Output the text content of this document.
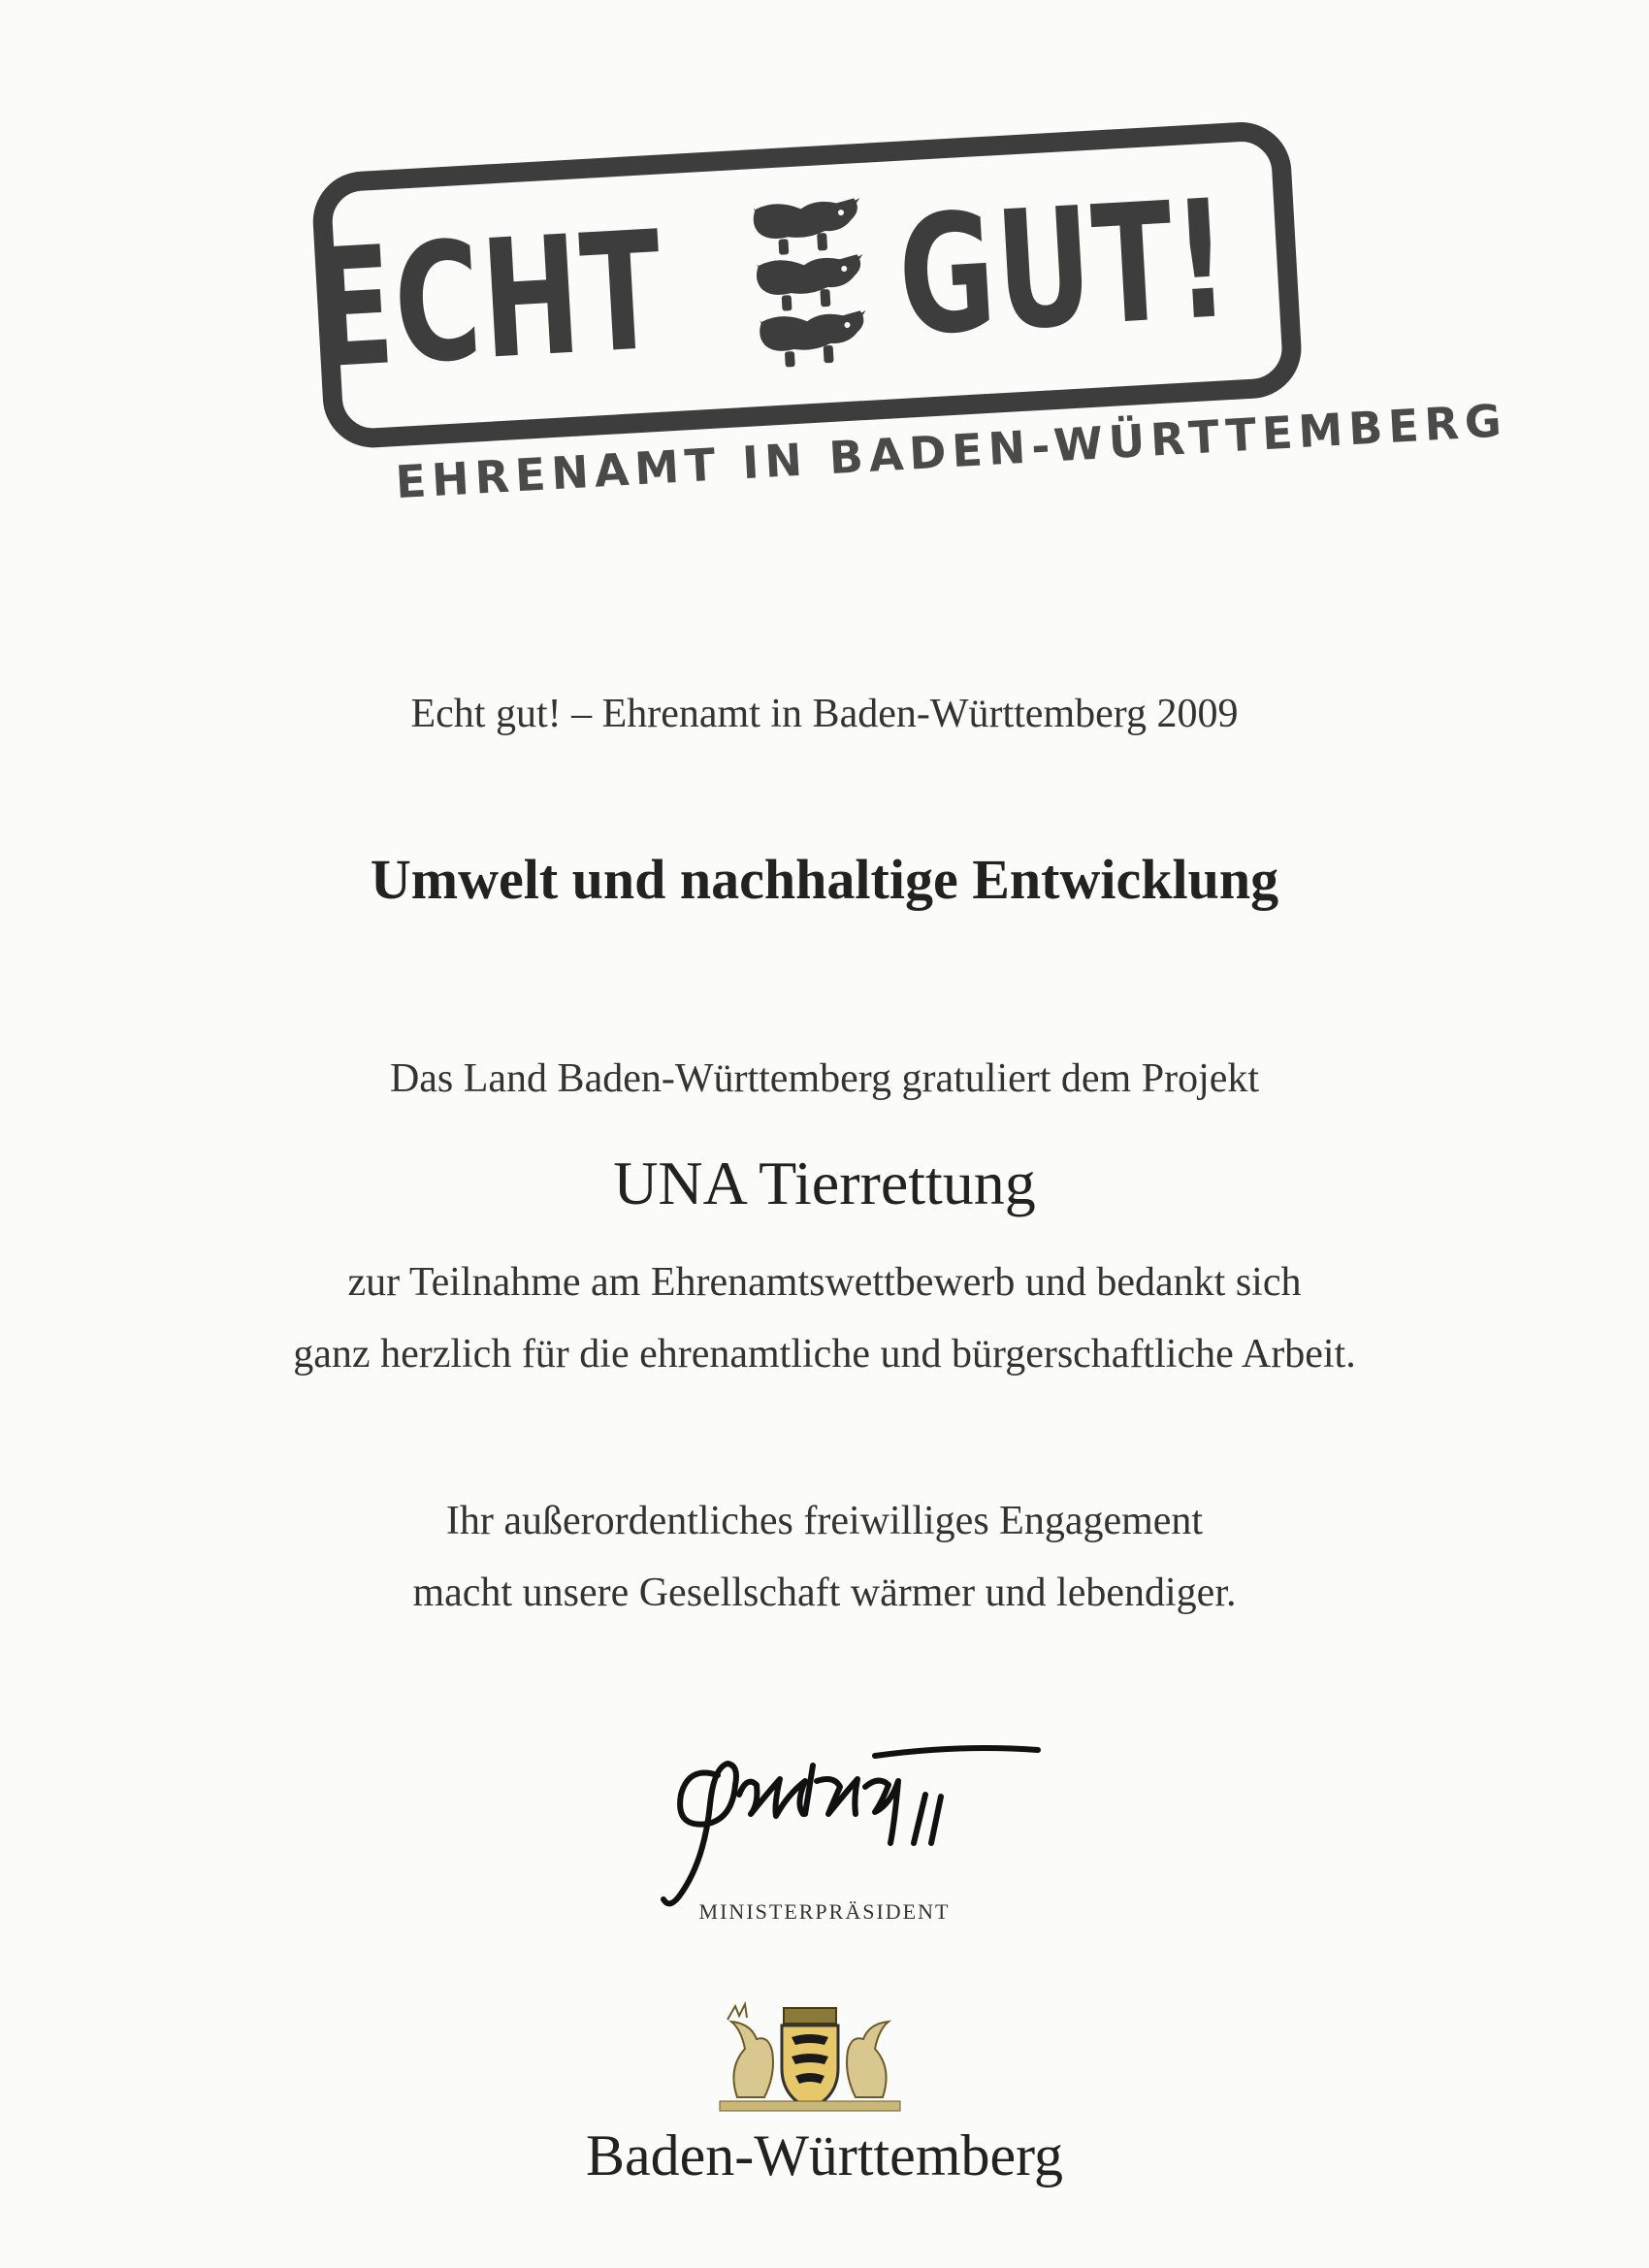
ECHT GUT!
EHRENAMT IN BADEN-WÜRTTEMBERG
Echt gut! – Ehrenamt in Baden-Württemberg 2009
Umwelt und nachhaltige Entwicklung
Das Land Baden-Württemberg gratuliert dem Projekt
UNA Tierrettung
zur Teilnahme am Ehrenamtswettbewerb und bedankt sich
ganz herzlich für die ehrenamtliche und bürgerschaftliche Arbeit.
Ihr außerordentliches freiwilliges Engagement
macht unsere Gesellschaft wärmer und lebendiger.
MINISTERPRÄSIDENT
Baden-Württemberg
